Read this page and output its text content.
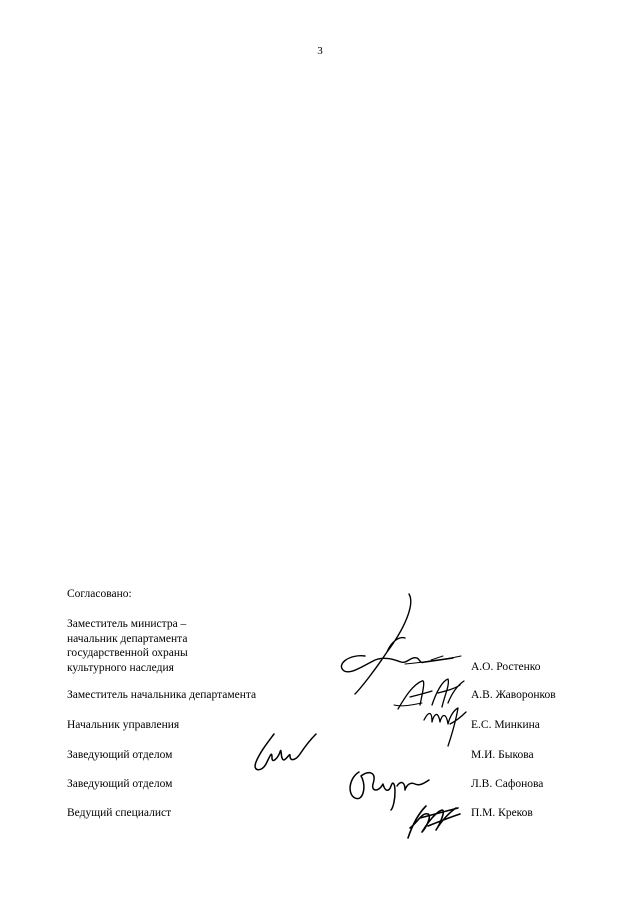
3
Согласовано:
Заместитель министра –
начальник департамента
государственной охраны
культурного наследия	А.О. Ростенко
Заместитель начальника департамента	А.В. Жаворонков
Начальник управления	Е.С. Минкина
Заведующий отделом	М.И. Быкова
Заведующий отделом	Л.В. Сафонова
Ведущий специалист	П.М. Креков
